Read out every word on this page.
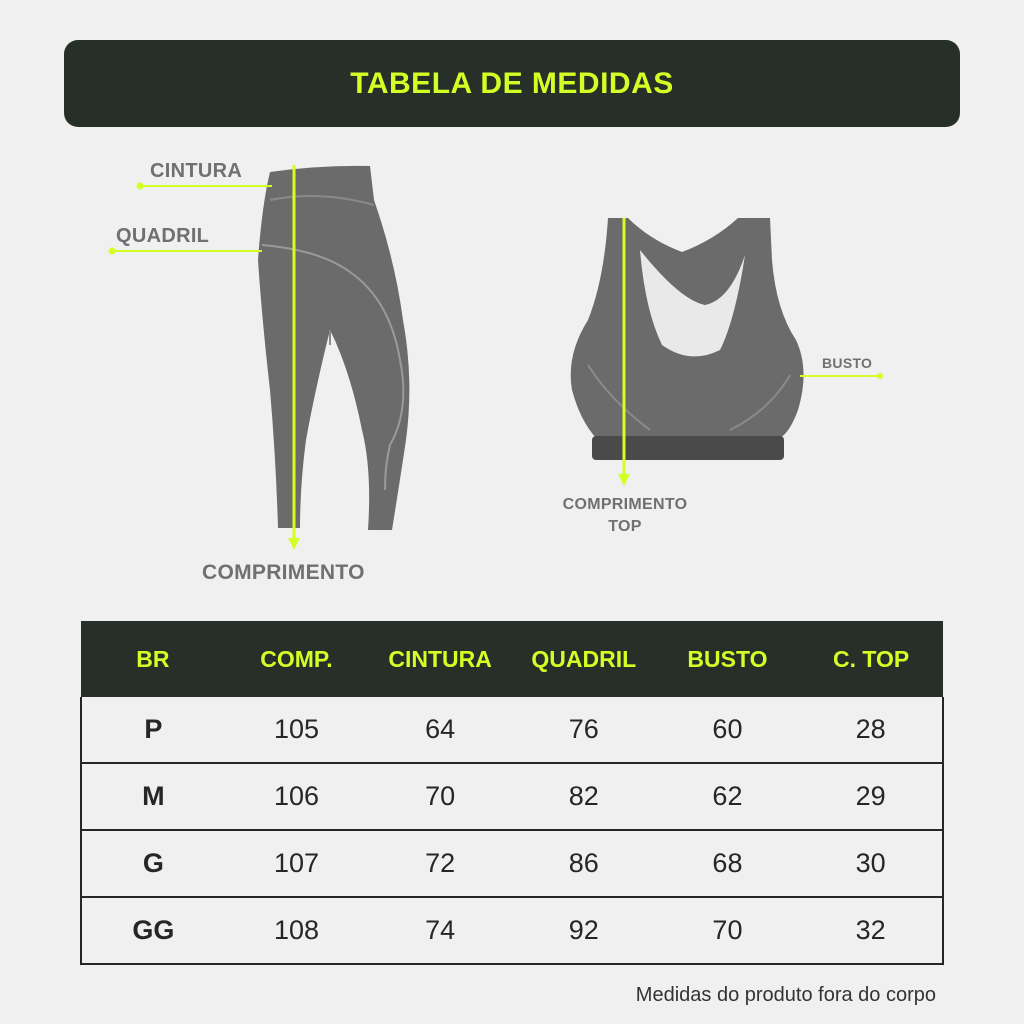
TABELA DE MEDIDAS
CINTURA
QUADRIL
COMPRIMENTO
BUSTO
COMPRIMENTO
TOP
BR	COMP.	CINTURA	QUADRIL	BUSTO	C. TOP
P	105	64	76	60	28
M	106	70	82	62	29
G	107	72	86	68	30
GG	108	74	92	70	32
Medidas do produto fora do corpo
